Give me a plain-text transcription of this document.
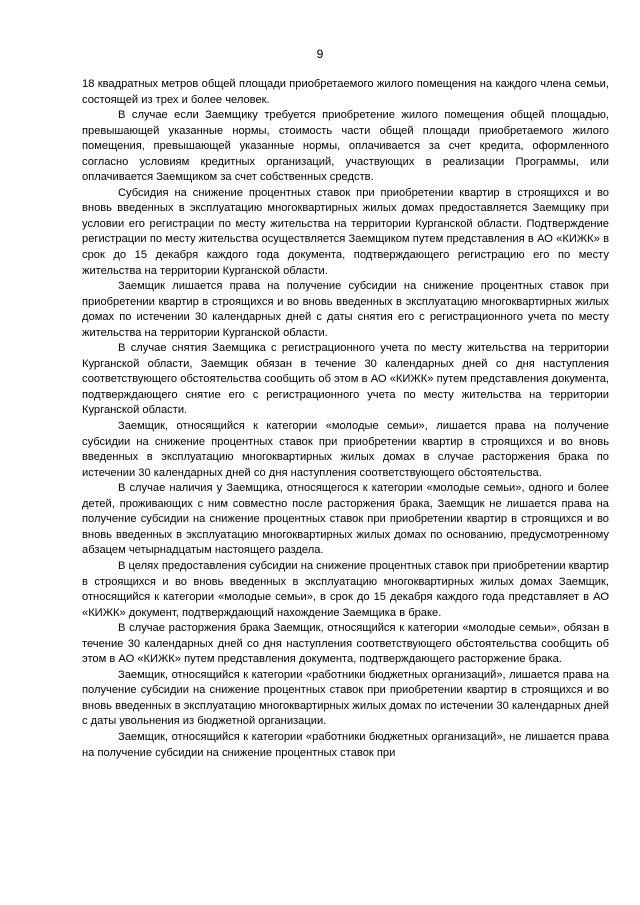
9

18 квадратных метров общей площади приобретаемого жилого помещения на каждого члена семьи, состоящей из трех и более человек.

В случае если Заемщику требуется приобретение жилого помещения общей площадью, превышающей указанные нормы, стоимость части общей площади приобретаемого жилого помещения, превышающей указанные нормы, оплачивается за счет кредита, оформленного согласно условиям кредитных организаций, участвующих в реализации Программы, или оплачивается Заемщиком за счет собственных средств.

Субсидия на снижение процентных ставок при приобретении квартир в строящихся и во вновь введенных в эксплуатацию многоквартирных жилых домах предоставляется Заемщику при условии его регистрации по месту жительства на территории Курганской области. Подтверждение регистрации по месту жительства осуществляется Заемщиком путем представления в АО «КИЖК» в срок до 15 декабря каждого года документа, подтверждающего регистрацию его по месту жительства на территории Курганской области.

Заемщик лишается права на получение субсидии на снижение процентных ставок при приобретении квартир в строящихся и во вновь введенных в эксплуатацию многоквартирных жилых домах по истечении 30 календарных дней с даты снятия его с регистрационного учета по месту жительства на территории Курганской области.

В случае снятия Заемщика с регистрационного учета по месту жительства на территории Курганской области, Заемщик обязан в течение 30 календарных дней со дня наступления соответствующего обстоятельства сообщить об этом в АО «КИЖК» путем представления документа, подтверждающего снятие его с регистрационного учета по месту жительства на территории Курганской области.

Заемщик, относящийся к категории «молодые семьи», лишается права на получение субсидии на снижение процентных ставок при приобретении квартир в строящихся и во вновь введенных в эксплуатацию многоквартирных жилых домах в случае расторжения брака по истечении 30 календарных дней со дня наступления соответствующего обстоятельства.

В случае наличия у Заемщика, относящегося к категории «молодые семьи», одного и более детей, проживающих с ним совместно после расторжения брака, Заемщик не лишается права на получение субсидии на снижение процентных ставок при приобретении квартир в строящихся и во вновь введенных в эксплуатацию многоквартирных жилых домах по основанию, предусмотренному абзацем четырнадцатым настоящего раздела.

В целях предоставления субсидии на снижение процентных ставок при приобретении квартир в строящихся и во вновь введенных в эксплуатацию многоквартирных жилых домах Заемщик, относящийся к категории «молодые семьи», в срок до 15 декабря каждого года представляет в АО «КИЖК» документ, подтверждающий нахождение Заемщика в браке.

В случае расторжения брака Заемщик, относящийся к категории «молодые семьи», обязан в течение 30 календарных дней со дня наступления соответствующего обстоятельства сообщить об этом в АО «КИЖК» путем представления документа, подтверждающего расторжение брака.

Заемщик, относящийся к категории «работники бюджетных организаций», лишается права на получение субсидии на снижение процентных ставок при приобретении квартир в строящихся и во вновь введенных в эксплуатацию многоквартирных жилых домах по истечении 30 календарных дней с даты увольнения из бюджетной организации.

Заемщик, относящийся к категории «работники бюджетных организаций», не лишается права на получение субсидии на снижение процентных ставок при
